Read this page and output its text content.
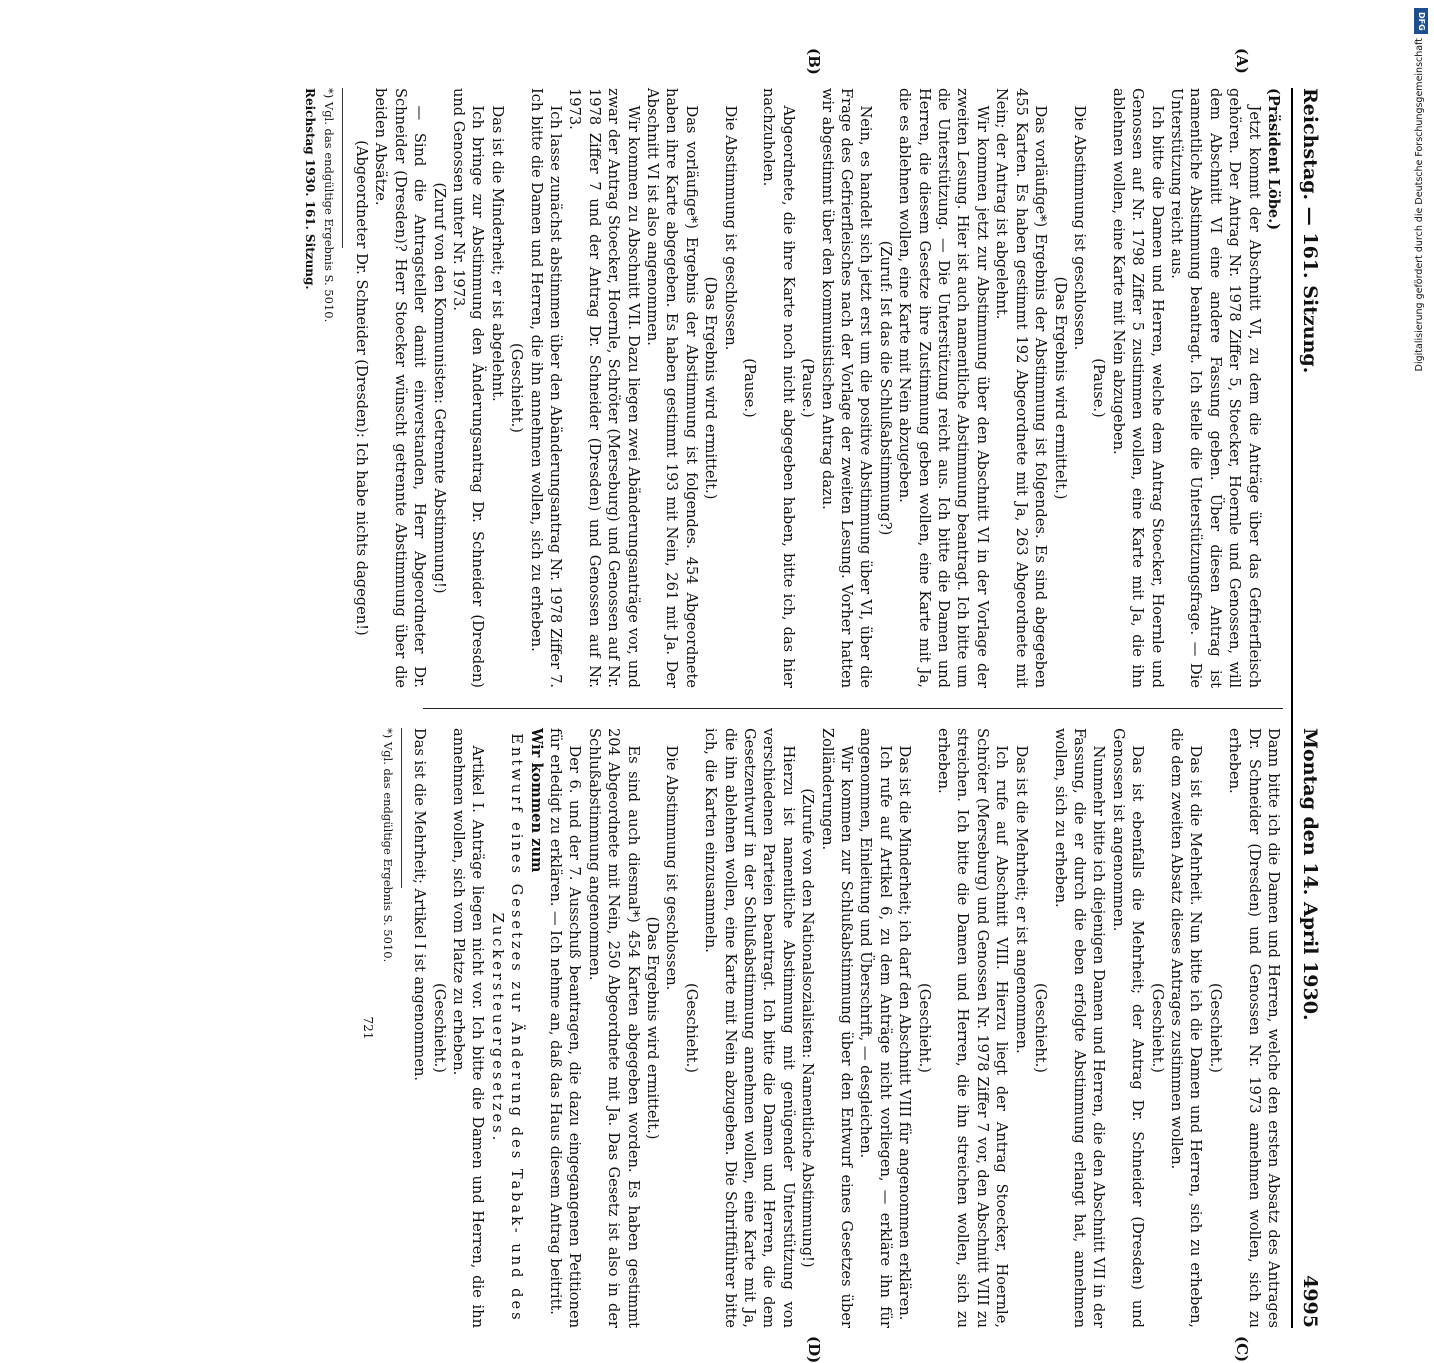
Reichstag. — 161. Sitzung.
Montag den 14. April 1930.
4995
(A)
(B)
(C)
(D)

(Präsident Löbe.)

Jetzt kommt der Abschnitt VI, zu dem die Anträge über das Gefrierfleisch gehören. Der Antrag Nr. 1978 Ziffer 5, Stoecker, Hoernle und Genossen, will dem Abschnitt VI eine andere Fassung geben. Über diesen Antrag ist namentliche Abstimmung beantragt. Ich stelle die Unterstützungsfrage. — Die Unterstützung reicht aus.

Ich bitte die Damen und Herren, welche dem Antrag Stoecker, Hoernle und Genossen auf Nr. 1798 Ziffer 5 zustimmen wollen, eine Karte mit Ja, die ihn ablehnen wollen, eine Karte mit Nein abzugeben.

(Pause.)

Die Abstimmung ist geschlossen.

(Das Ergebnis wird ermittelt.)

Das vorläufige*) Ergebnis der Abstimmung ist folgendes. Es sind abgegeben 455 Karten. Es haben gestimmt 192 Abgeordnete mit Ja, 263 Abgeordnete mit Nein; der Antrag ist abgelehnt.

Wir kommen jetzt zur Abstimmung über den Abschnitt VI in der Vorlage der zweiten Lesung. Hier ist auch namentliche Abstimmung beantragt. Ich bitte um die Unterstützung. — Die Unterstützung reicht aus. Ich bitte die Damen und Herren, die diesem Gesetze ihre Zustimmung geben wollen, eine Karte mit Ja, die es ablehnen wollen, eine Karte mit Nein abzugeben.

(Zuruf: Ist das die Schlußabstimmung?)

Nein, es handelt sich jetzt erst um die positive Abstimmung über VI, über die Frage des Gefrierfleisches nach der Vorlage der zweiten Lesung. Vorher hatten wir abgestimmt über den kommunistischen Antrag dazu.

(Pause.)

Abgeordnete, die ihre Karte noch nicht abgegeben haben, bitte ich, das hier nachzuholen.

(Pause.)

Die Abstimmung ist geschlossen.

(Das Ergebnis wird ermittelt.)

Das vorläufige*) Ergebnis der Abstimmung ist folgendes. 454 Abgeordnete haben ihre Karte abgegeben. Es haben gestimmt 193 mit Nein, 261 mit Ja. Der Abschnitt VI ist also angenommen.

Wir kommen zu Abschnitt VII. Dazu liegen zwei Abänderungsanträge vor, und zwar der Antrag Stoecker, Hoernle, Schröter (Merseburg) und Genossen auf Nr. 1978 Ziffer 7 und der Antrag Dr. Schneider (Dresden) und Genossen auf Nr. 1973.

Ich lasse zunächst abstimmen über den Abänderungsantrag Nr. 1978 Ziffer 7. Ich bitte die Damen und Herren, die ihn annehmen wollen, sich zu erheben.

(Geschieht.)

Das ist die Minderheit; er ist abgelehnt.

Ich bringe zur Abstimmung den Änderungsantrag Dr. Schneider (Dresden) und Genossen unter Nr. 1973.

(Zuruf von den Kommunisten: Getrennte Abstimmung!)

— Sind die Antragsteller damit einverstanden, Herr Abgeordneter Dr. Schneider (Dresden)? Herr Stoecker wünscht getrennte Abstimmung über die beiden Absätze.

(Abgeordneter Dr. Schneider (Dresden): Ich habe nichts dagegen!)

*) Vgl. das endgültige Ergebnis S. 5010.

Reichstag 1930. 161. Sitzung.

Dann bitte ich die Damen und Herren, welche den ersten Absatz des Antrages Dr. Schneider (Dresden) und Genossen Nr. 1973 annehmen wollen, sich zu erheben.

(Geschieht.)

Das ist die Mehrheit. Nun bitte ich die Damen und Herren, sich zu erheben, die dem zweiten Absatz dieses Antrages zustimmen wollen.

(Geschieht.)

Das ist ebenfalls die Mehrheit; der Antrag Dr. Schneider (Dresden) und Genossen ist angenommen.

Nunmehr bitte ich diejenigen Damen und Herren, die den Abschnitt VII in der Fassung, die er durch die eben erfolgte Abstimmung erlangt hat, annehmen wollen, sich zu erheben.

(Geschieht.)

Das ist die Mehrheit; er ist angenommen.

Ich rufe auf Abschnitt VIII. Hierzu liegt der Antrag Stoecker, Hoernle, Schröter (Merseburg) und Genossen Nr. 1978 Ziffer 7 vor, den Abschnitt VIII zu streichen. Ich bitte die Damen und Herren, die ihn streichen wollen, sich zu erheben.

(Geschieht.)

Das ist die Minderheit; ich darf den Abschnitt VIII für angenommen erklären.

Ich rufe auf Artikel 6, zu dem Anträge nicht vorliegen, — erkläre ihn für angenommen, Einleitung und Überschrift, — desgleichen.

Wir kommen zur Schlußabstimmung über den Entwurf eines Gesetzes über Zolländerungen.

(Zurufe von den Nationalsozialisten: Namentliche Abstimmung!)

Hierzu ist namentliche Abstimmung mit genügender Unterstützung von verschiedenen Parteien beantragt. Ich bitte die Damen und Herren, die dem Gesetzentwurf in der Schlußabstimmung annehmen wollen, eine Karte mit Ja, die ihn ablehnen wollen, eine Karte mit Nein abzugeben. Die Schriftführer bitte ich, die Karten einzusammeln.

(Geschieht.)

Die Abstimmung ist geschlossen.

(Das Ergebnis wird ermittelt.)

Es sind auch diesmal*) 454 Karten abgegeben worden. Es haben gestimmt 204 Abgeordnete mit Nein, 250 Abgeordnete mit Ja. Das Gesetz ist also in der Schlußabstimmung angenommen.

Der 6. und der 7. Ausschuß beantragen, die dazu eingegangenen Petitionen für erledigt zu erklären. — Ich nehme an, daß das Haus diesem Antrag beitritt.

Wir kommen zum

Entwurf eines Gesetzes zur Änderung des Tabak- und des Zuckersteuergesetzes.

Artikel I. Anträge liegen nicht vor. Ich bitte die Damen und Herren, die ihn annehmen wollen, sich vom Platze zu erheben.

(Geschieht.)

Das ist die Mehrheit; Artikel I ist angenommen.

*) Vgl. das endgültige Ergebnis S. 5010.

721

DFG
Digitalisierung gefördert durch die Deutsche Forschungsgemeinschaft
